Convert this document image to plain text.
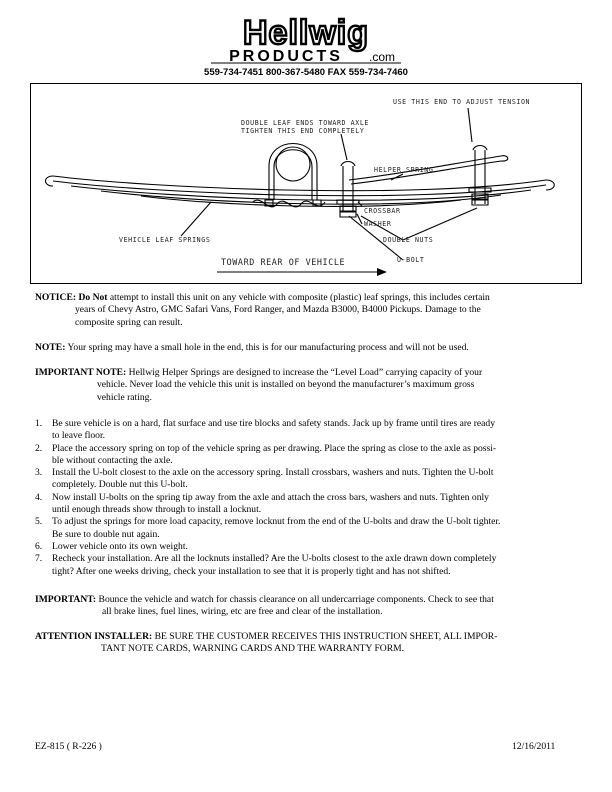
Hellwig
PRODUCTS .com
559-734-7451 800-367-5480 FAX 559-734-7460
USE THIS END TO ADJUST TENSION
DOUBLE LEAF ENDS TOWARD AXLE
TIGHTEN THIS END COMPLETELY
HELPER SPRING
CROSSBAR
WASHER
DOUBLE NUTS
U-BOLT
VEHICLE LEAF SPRINGS
TOWARD REAR OF VEHICLE
NOTICE: Do Not attempt to install this unit on any vehicle with composite (plastic) leaf springs, this includes certain
years of Chevy Astro, GMC Safari Vans, Ford Ranger, and Mazda B3000, B4000 Pickups. Damage to the
composite spring can result.
NOTE: Your spring may have a small hole in the end, this is for our manufacturing process and will not be used.
IMPORTANT NOTE: Hellwig Helper Springs are designed to increase the “Level Load” carrying capacity of your
vehicle. Never load the vehicle this unit is installed on beyond the manufacturer’s maximum gross
vehicle rating.
1. Be sure vehicle is on a hard, flat surface and use tire blocks and safety stands. Jack up by frame until tires are ready
to leave floor.
2. Place the accessory spring on top of the vehicle spring as per drawing. Place the spring as close to the axle as possi-
ble without contacting the axle.
3. Install the U-bolt closest to the axle on the accessory spring. Install crossbars, washers and nuts. Tighten the U-bolt
completely. Double nut this U-bolt.
4. Now install U-bolts on the spring tip away from the axle and attach the cross bars, washers and nuts. Tighten only
until enough threads show through to install a locknut.
5. To adjust the springs for more load capacity, remove locknut from the end of the U-bolts and draw the U-bolt tighter.
Be sure to double nut again.
6. Lower vehicle onto its own weight.
7. Recheck your installation. Are all the locknuts installed? Are the U-bolts closest to the axle drawn down completely
tight? After one weeks driving, check your installation to see that it is properly tight and has not shifted.
IMPORTANT: Bounce the vehicle and watch for chassis clearance on all undercarriage components. Check to see that
all brake lines, fuel lines, wiring, etc are free and clear of the installation.
ATTENTION INSTALLER: BE SURE THE CUSTOMER RECEIVES THIS INSTRUCTION SHEET, ALL IMPOR-
TANT NOTE CARDS, WARNING CARDS AND THE WARRANTY FORM.
EZ-815 ( R-226 )	12/16/2011
